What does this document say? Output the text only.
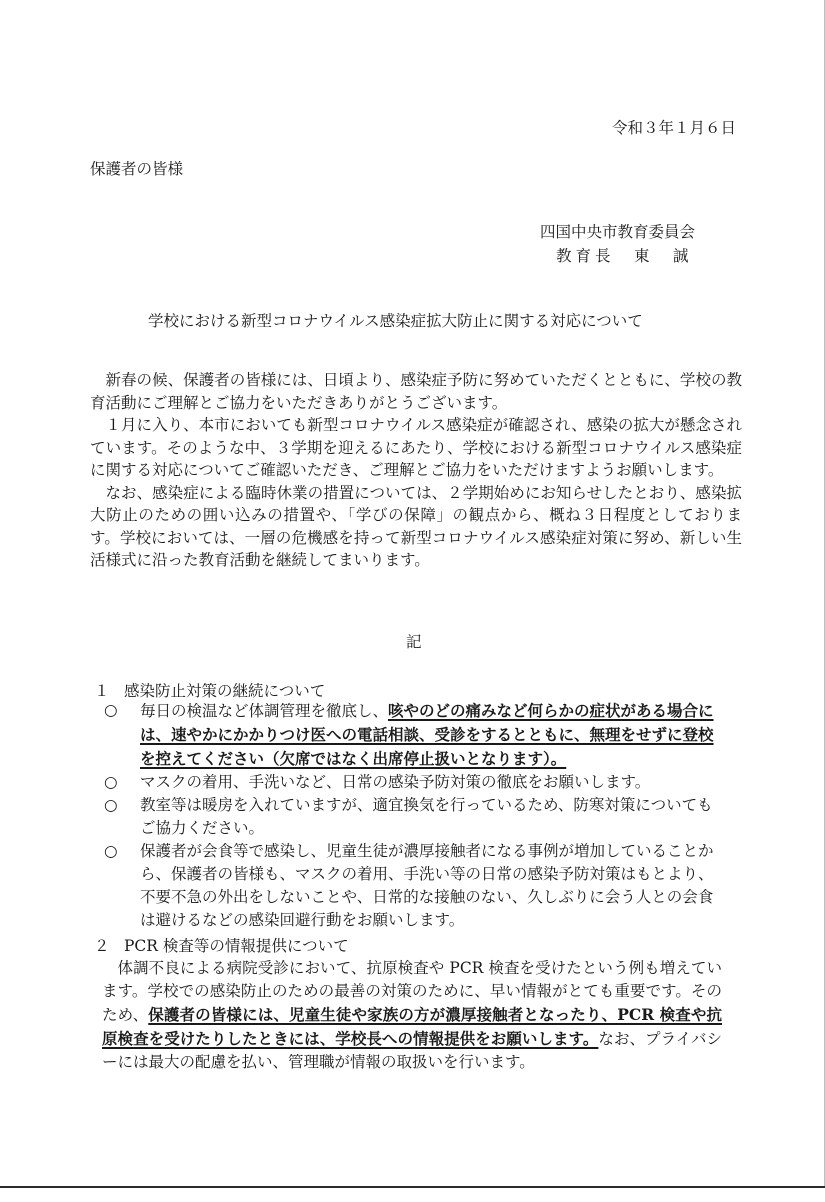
令和３年１月６日
保護者の皆様
四国中央市教育委員会
教育長　東　誠
学校における新型コロナウイルス感染症拡大防止に関する対応について

新春の候、保護者の皆様には、日頃より、感染症予防に努めていただくとともに、学校の教育活動にご理解とご協力をいただきありがとうございます。

１月に入り、本市においても新型コロナウイルス感染症が確認され、感染の拡大が懸念されています。そのような中、３学期を迎えるにあたり、学校における新型コロナウイルス感染症に関する対応についてご確認いただき、ご理解とご協力をいただけますようお願いします。

なお、感染症による臨時休業の措置については、２学期始めにお知らせしたとおり、感染拡大防止のための囲い込みの措置や、「学びの保障」の観点から、概ね３日程度としております。学校においては、一層の危機感を持って新型コロナウイルス感染症対策に努め、新しい生活様式に沿った教育活動を継続してまいります。

記
１ 感染防止対策の継続について
○	毎日の検温など体調管理を徹底し、咳やのどの痛みなど何らかの症状がある場合には、速やかにかかりつけ医への電話相談、受診をするとともに、無理をせずに登校を控えてください（欠席ではなく出席停止扱いとなります）。
○	マスクの着用、手洗いなど、日常の感染予防対策の徹底をお願いします。
○	教室等は暖房を入れていますが、適宜換気を行っているため、防寒対策についてもご協力ください。
○	保護者が会食等で感染し、児童生徒が濃厚接触者になる事例が増加していることから、保護者の皆様も、マスクの着用、手洗い等の日常の感染予防対策はもとより、不要不急の外出をしないことや、日常的な接触のない、久しぶりに会う人との会食は避けるなどの感染回避行動をお願いします。
２ PCR 検査等の情報提供について

体調不良による病院受診において、抗原検査や PCR 検査を受けたという例も増えています。学校での感染防止のための最善の対策のために、早い情報がとても重要です。そのため、保護者の皆様には、児童生徒や家族の方が濃厚接触者となったり、PCR 検査や抗原検査を受けたりしたときには、学校長への情報提供をお願いします。なお、プライバシーには最大の配慮を払い、管理職が情報の取扱いを行います。
